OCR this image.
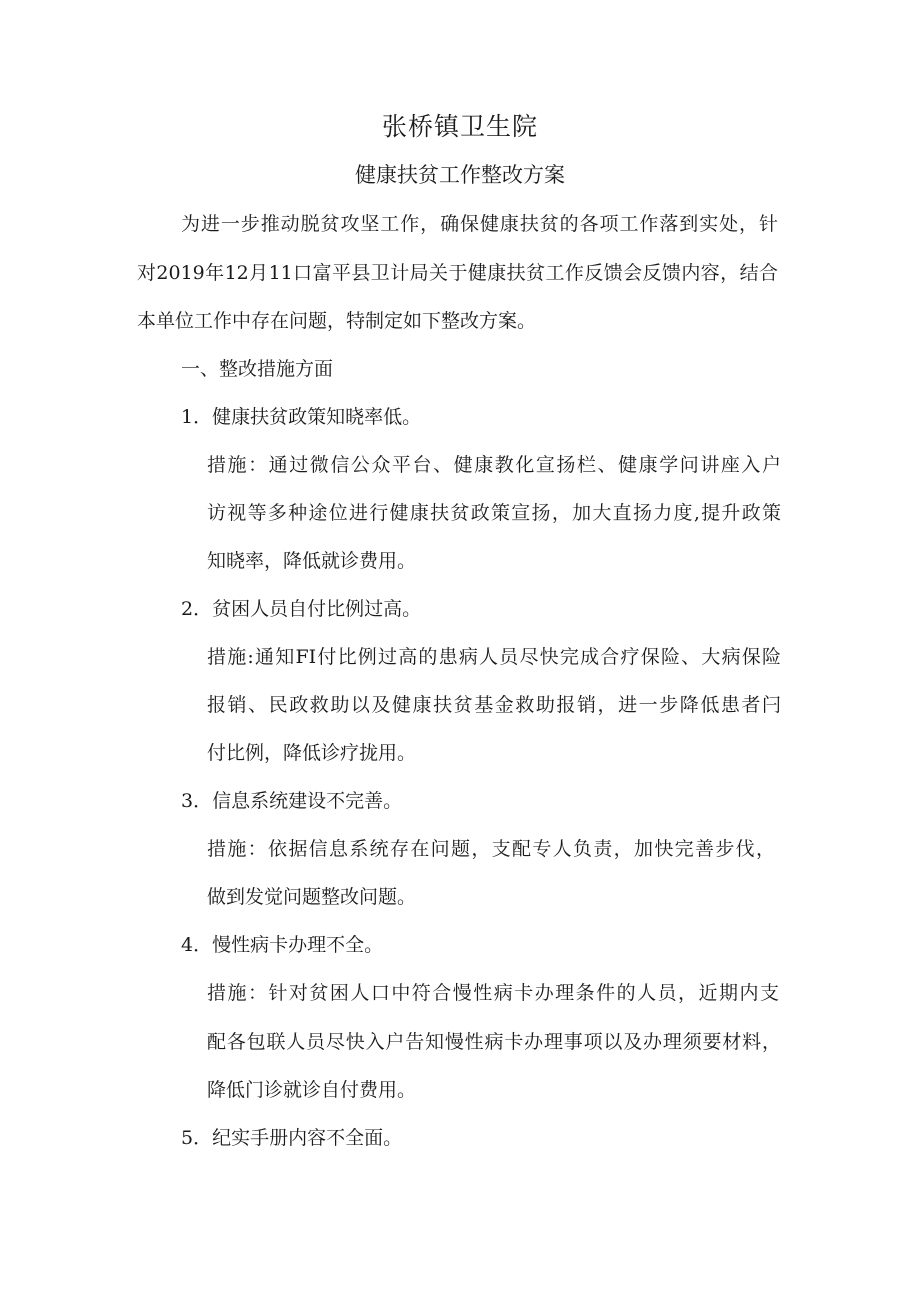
张桥镇卫生院
健康扶贫工作整改方案
为进一步推动脱贫攻坚工作，确保健康扶贫的各项工作落到实处，针
对2019年12月11口富平县卫计局关于健康扶贫工作反馈会反馈内容，结合
本单位工作中存在问题，特制定如下整改方案。
一、整改措施方面
1．健康扶贫政策知晓率低。
措施：通过微信公众平台、健康教化宣扬栏、健康学问讲座入户
访视等多种途位进行健康扶贫政策宣扬，加大直扬力度,提升政策
知晓率，降低就诊费用。
2．贫困人员自付比例过高。
措施:通知FI付比例过高的患病人员尽快完成合疗保险、大病保险
报销、民政救助以及健康扶贫基金救助报销，进一步降低患者闩
付比例，降低诊疗拢用。
3．信息系统建设不完善。
措施：依据信息系统存在问题，支配专人负责，加快完善步伐，
做到发觉问题整改问题。
4．慢性病卡办理不全。
措施：针对贫困人口中符合慢性病卡办理条件的人员，近期内支
配各包联人员尽快入户告知慢性病卡办理事项以及办理须要材料，
降低门诊就诊自付费用。
5．纪实手册内容不全面。
